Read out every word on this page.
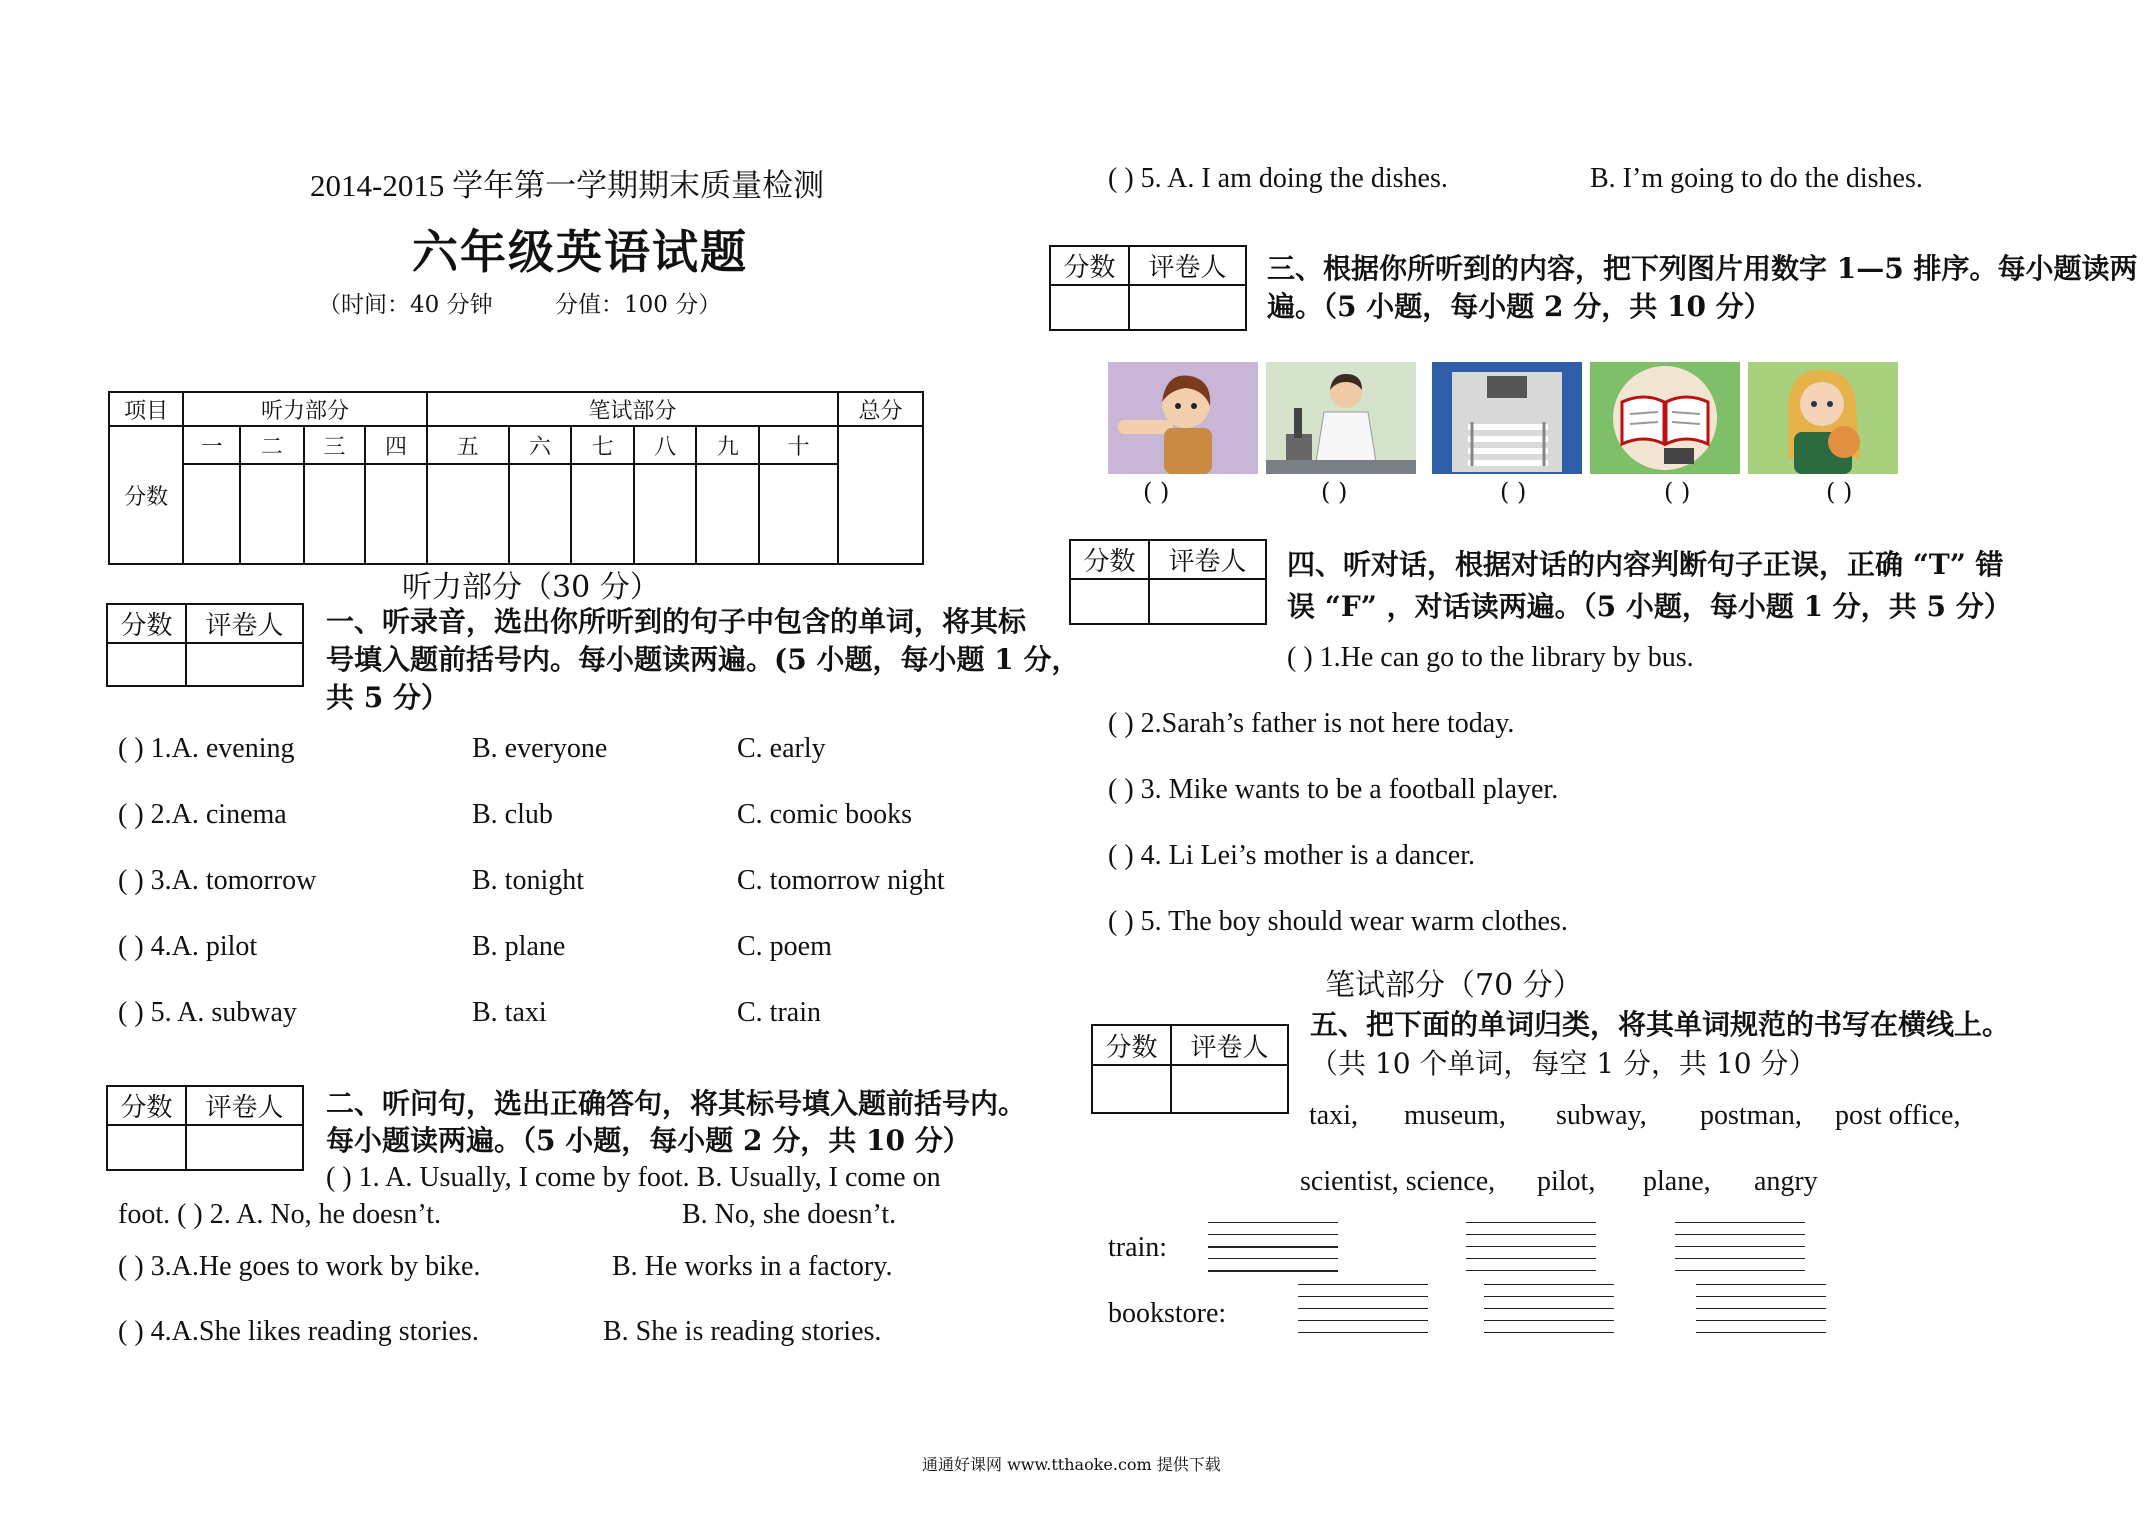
2014-2015 学年第一学期期末质量检测
六年级英语试题
（时间：40 分钟	分值：100 分）
项目	听力部分				笔试部分						总分
分数	一	二	三	四	五	六	七	八	九	十	

听力部分（30 分）
分数	评卷人
	一、听录音，选出你所听到的句子中包含的单词，将其标
号填入题前括号内。每小题读两遍。(5 小题，每小题 1 分，
共 5 分）
( ) 1.A. evening	B. everyone	C. early
( ) 2.A. cinema	B. club	C. comic books
( ) 3.A. tomorrow	B. tonight	C. tomorrow night
( ) 4.A. pilot	B. plane	C. poem
( ) 5. A. subway	B. taxi	C. train
分数	评卷人
	二、听问句，选出正确答句，将其标号填入题前括号内。
每小题读两遍。（5 小题，每小题 2 分，共 10 分）
( ) 1. A. Usually, I come by foot. B. Usually, I come on
foot. ( ) 2. A. No, he doesn’t.	B. No, she doesn’t.
( ) 3.A.He goes to work by bike.	B. He works in a factory.
( ) 4.A.She likes reading stories.	B. She is reading stories.
( ) 5. A. I am doing the dishes.	B. I’m going to do the dishes.
分数	评卷人
	三、根据你所听到的内容，把下列图片用数字 1—5 排序。每小题读两
遍。（5 小题，每小题 2 分，共 10 分）
( )	( )	( )	( )	( )
分数	评卷人
	四、听对话，根据对话的内容判断句子正误，正确 “T” 错
误 “F” ，对话读两遍。（5 小题，每小题 1 分，共 5 分）
( ) 1.He can go to the library by bus.
( ) 2.Sarah’s father is not here today.
( ) 3. Mike wants to be a football player.
( ) 4. Li Lei’s mother is a dancer.
( ) 5. The boy should wear warm clothes.
笔试部分（70 分）
分数	评卷人

五、把下面的单词归类，将其单词规范的书写在横线上。
（共 10 个单词，每空 1 分，共 10 分）
taxi, museum, subway, postman, post office,
scientist, science, pilot, plane, angry
train:
bookstore:
通通好课网 www.tthaoke.com 提供下载
